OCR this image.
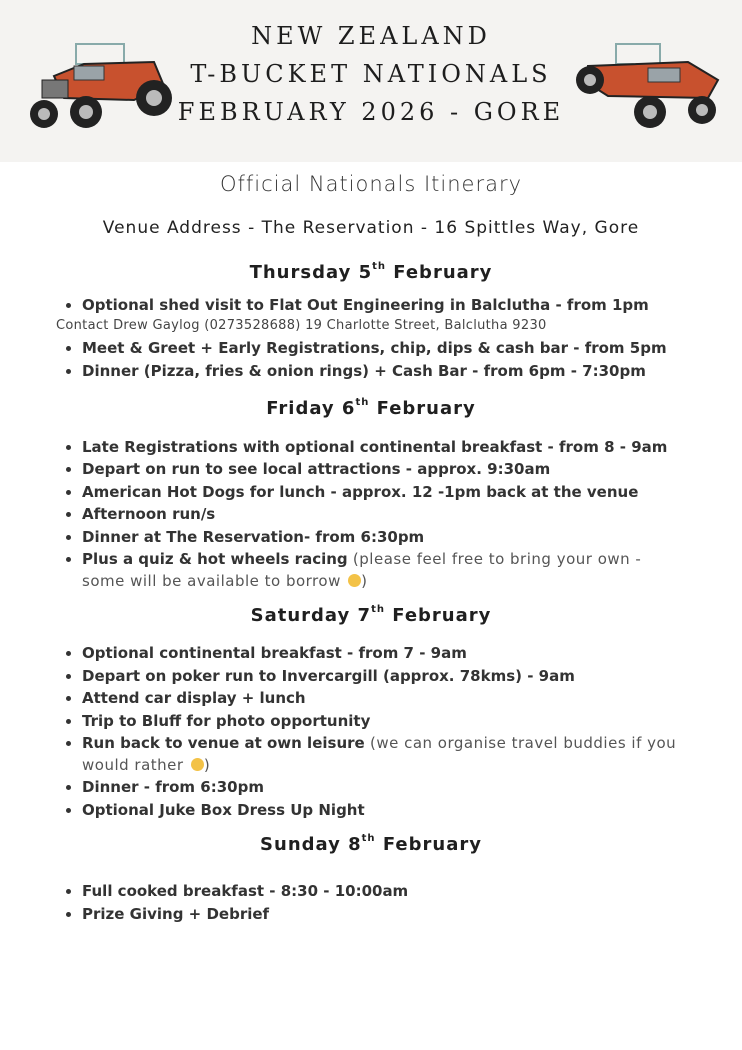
NEW ZEALAND
T-BUCKET NATIONALS
FEBRUARY 2026 - GORE
Official Nationals Itinerary
Venue Address - The Reservation - 16 Spittles Way, Gore
Thursday 5th February
Optional shed visit to Flat Out Engineering in Balclutha - from 1pm
Contact Drew Gaylog (0273528688) 19 Charlotte Street, Balclutha 9230
Meet & Greet + Early Registrations, chip, dips & cash bar - from 5pm
Dinner (Pizza, fries & onion rings) + Cash Bar - from 6pm - 7:30pm
Friday 6th February
Late Registrations with optional continental breakfast - from 8 - 9am
Depart on run to see local attractions - approx. 9:30am
American Hot Dogs for lunch - approx. 12 -1pm back at the venue
Afternoon run/s
Dinner at The Reservation- from 6:30pm
Plus a quiz & hot wheels racing (please feel free to bring your own -
some will be available to borrow )
Saturday 7th February
Optional continental breakfast - from 7 - 9am
Depart on poker run to Invercargill (approx. 78kms) - 9am
Attend car display + lunch
Trip to Bluff for photo opportunity
Run back to venue at own leisure (we can organise travel buddies if you
would rather )
Dinner - from 6:30pm
Optional Juke Box Dress Up Night
Sunday 8th February
Full cooked breakfast - 8:30 - 10:00am
Prize Giving + Debrief
